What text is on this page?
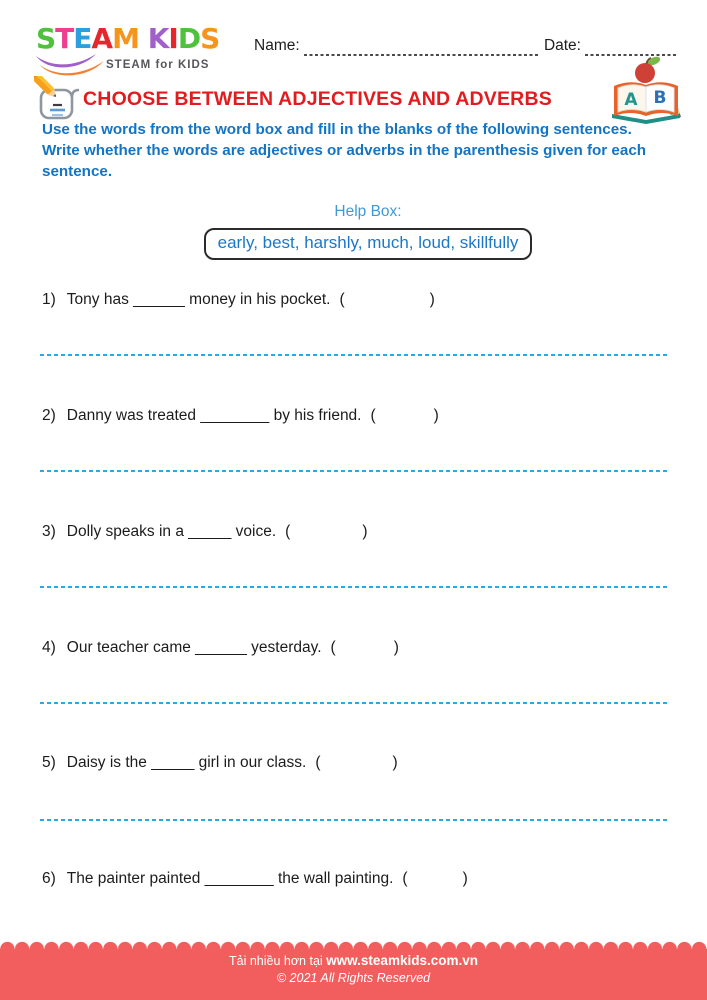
STEAM KIDS
STEAM for KIDS
Name:	Date:
CHOOSE BETWEEN ADJECTIVES AND ADVERBS	A B
Use the words from the word box and fill in the blanks of the following sentences.
Write whether the words are adjectives or adverbs in the parenthesis given for each
sentence.
Help Box:
early, best, harshly, much, loud, skillfully
1) Tony has ______ money in his pocket. (	)
2) Danny was treated ________ by his friend. (	)
3) Dolly speaks in a _____ voice. (	)
4) Our teacher came ______ yesterday. (	)
5) Daisy is the _____ girl in our class. (	)
6) The painter painted ________ the wall painting. (	)
Tải nhiều hơn tại www.steamkids.com.vn
© 2021 All Rights Reserved
